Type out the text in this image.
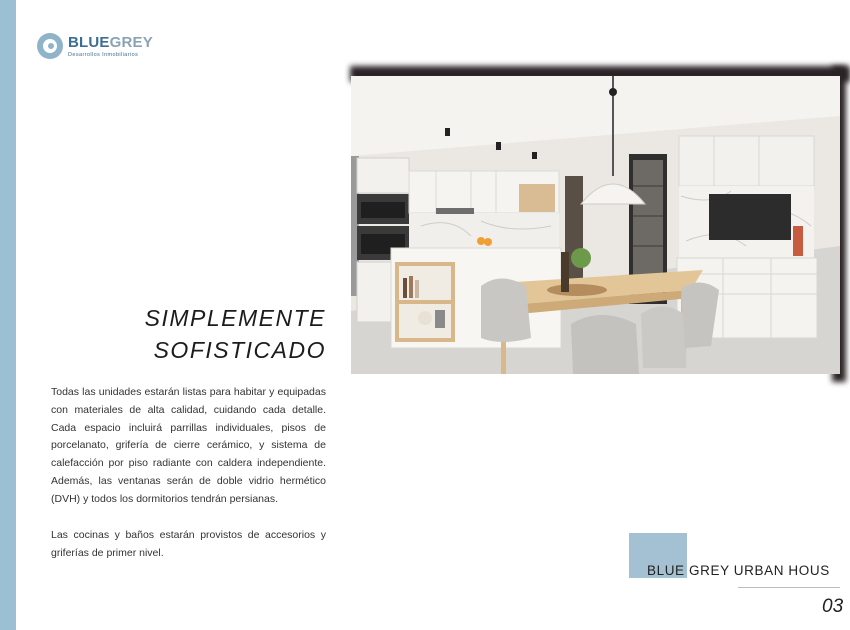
BLUEGREY
Desarrollos Inmobiliarios
SIMPLEMENTE
SOFISTICADO
Todas las unidades estarán listas para habitar y equipadas con materiales de alta calidad, cuidando cada detalle. Cada espacio incluirá parrillas individuales, pisos de porcelanato, grifería de cierre cerámico, y sistema de calefacción por piso radiante con caldera independiente. Además, las ventanas serán de doble vidrio hermético (DVH) y todos los dormitorios tendrán persianas.
Las cocinas y baños estarán provistos de accesorios y griferías de primer nivel.
BLUE GREY URBAN HOUS
03
